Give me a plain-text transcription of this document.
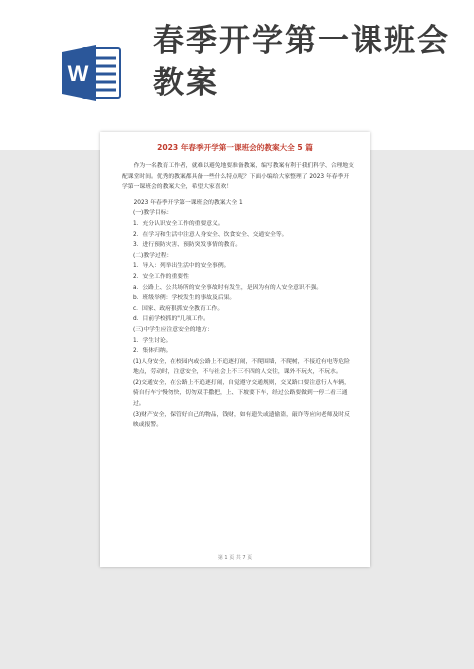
W
春季开学第一课班会教案
2023 年春季开学第一课班会的教案大全 5 篇

作为一名教育工作者，就难以避免地要准备教案，编写教案有利于我们科学、合理地支配课堂时间。优秀的教案都具备一些什么特点呢？下面小编给大家整理了 2023 年春季开学第一课班会的教案大全，希望大家喜欢！

2023 年春季开学第一课班会的教案大全 1

(一)教学目标：

1．充分认识安全工作的重要意义。

2．在学习和生活中注意人身安全、饮食安全、交通安全等。

3．进行预防灾害、预防突发事情的教育。

(二)教学过程：

1．导入：列举出生活中的安全事例。

2．安全工作的重要性

a．公路上、公共场所的安全事故时有发生，是因为有的人安全意识不强。

b．班级举例：学校发生的事故及后果。

c．国家、政府狠抓安全教育工作。

d．目前学校抓的"几项工作。

(三)中学生应注意安全的地方：

1．学生讨论。

2．集体归纳。

(1)人身安全，在校园内或公路上不追逐打闹，不爬围墙，不爬树，不接近有电等危险地点，劳动时，注意安全，不与社会上不三不四的人交往，课外不玩火，不玩水。

(2)交通安全，在公路上不追逐打闹，自觉遵守交通规则，交叉路口要注意行人车辆，骑自行车宁慢勿快，切勿双手撒把，上、下坡要下车，经过公路要做到一停二看三通过。

(3)财产安全，保管好自己的物品，钱财，如有遗失或遗偷盗，敲诈等应向老师及时反映或报警。

第 1 页 共 7 页
